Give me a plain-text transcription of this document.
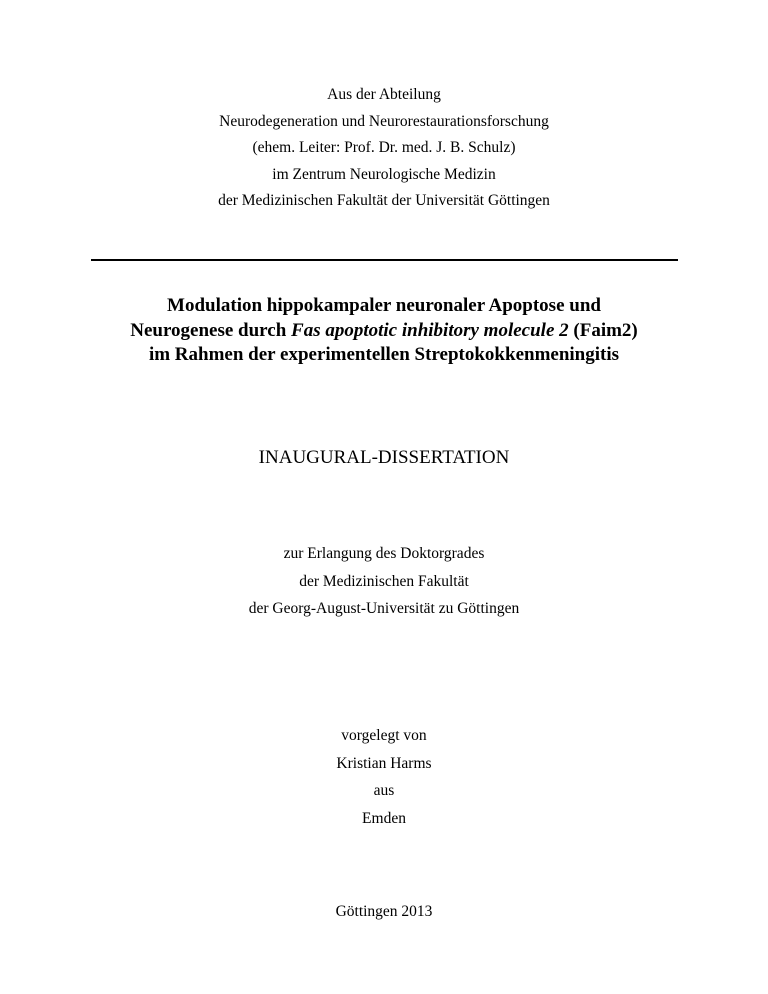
Aus der Abteilung
Neurodegeneration und Neurorestaurationsforschung
(ehem. Leiter: Prof. Dr. med. J. B. Schulz)
im Zentrum Neurologische Medizin
der Medizinischen Fakultät der Universität Göttingen
Modulation hippokampaler neuronaler Apoptose und
Neurogenese durch Fas apoptotic inhibitory molecule 2 (Faim2)
im Rahmen der experimentellen Streptokokkenmeningitis
INAUGURAL-DISSERTATION
zur Erlangung des Doktorgrades
der Medizinischen Fakultät
der Georg-August-Universität zu Göttingen
vorgelegt von
Kristian Harms
aus
Emden
Göttingen 2013
